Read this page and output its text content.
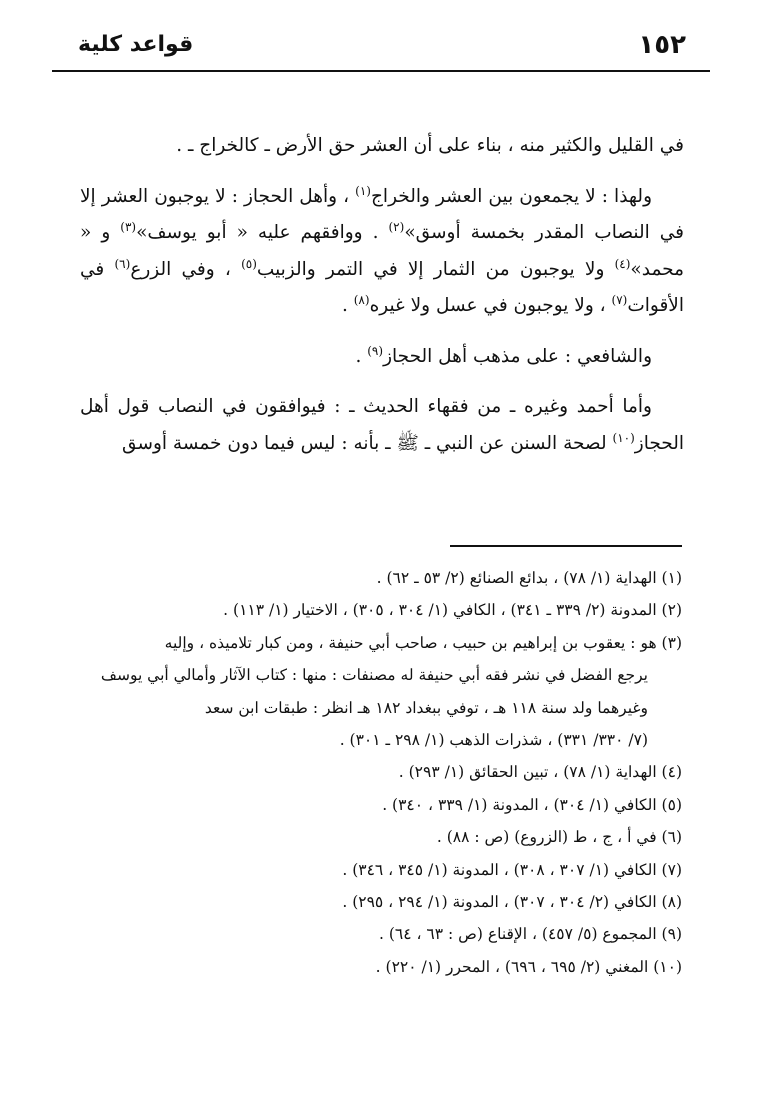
١٥٢
قواعد كلية

في القليل والكثير منه ، بناء على أن العشر حق الأرض ـ كالخراج ـ .

ولهذا : لا يجمعون بين العشر والخراج$^{(١)}$ ، وأهل الحجاز : لا يوجبون العشر إلا في النصاب المقدر بخمسة أوسق»$^{(٢)}$ . ووافقهم عليه « أبو يوسف»$^{(٣)}$ و « محمد»$^{(٤)}$ ولا يوجبون من الثمار إلا في التمر والزبيب$^{(٥)}$ ، وفي الزرع$^{(٦)}$ في الأقوات$^{(٧)}$ ، ولا يوجبون في عسل ولا غيره$^{(٨)}$ .

والشافعي : على مذهب أهل الحجاز$^{(٩)}$ .

وأما أحمد وغيره ـ من فقهاء الحديث ـ : فيوافقون في النصاب قول أهل الحجاز$^{(١٠)}$ لصحة السنن عن النبي ـ ﷺ ـ بأنه : ليس فيما دون خمسة أوسق

(١) الهداية (١/ ٧٨) ، بدائع الصنائع (٢/ ٥٣ ـ ٦٢) .

(٢) المدونة (٢/ ٣٣٩ ـ ٣٤١) ، الكافي (١/ ٣٠٤ ، ٣٠٥) ، الاختيار (١/ ١١٣) .

(٣) هو : يعقوب بن إبراهيم بن حبيب ، صاحب أبي حنيفة ، ومن كبار تلاميذه ، وإليه

يرجع الفضل في نشر فقه أبي حنيفة له مصنفات : منها : كتاب الآثار وأمالي أبي يوسف

وغيرهما ولد سنة ١١٨ هـ ، توفي ببغداد ١٨٢ هـ انظر : طبقات ابن سعد

(٧/ ٣٣٠/ ٣٣١) ، شذرات الذهب (١/ ٢٩٨ ـ ٣٠١) .

(٤) الهداية (١/ ٧٨) ، تبين الحقائق (١/ ٢٩٣) .

(٥) الكافي (١/ ٣٠٤) ، المدونة (١/ ٣٣٩ ، ٣٤٠) .

(٦) في أ ، ج ، ط (الزروع) (ص : ٨٨) .

(٧) الكافي (١/ ٣٠٧ ، ٣٠٨) ، المدونة (١/ ٣٤٥ ، ٣٤٦) .

(٨) الكافي (٢/ ٣٠٤ ، ٣٠٧) ، المدونة (١/ ٢٩٤ ، ٢٩٥) .

(٩) المجموع (٥/ ٤٥٧) ، الإقناع (ص : ٦٣ ، ٦٤) .

(١٠) المغني (٢/ ٦٩٥ ، ٦٩٦) ، المحرر (١/ ٢٢٠) .
